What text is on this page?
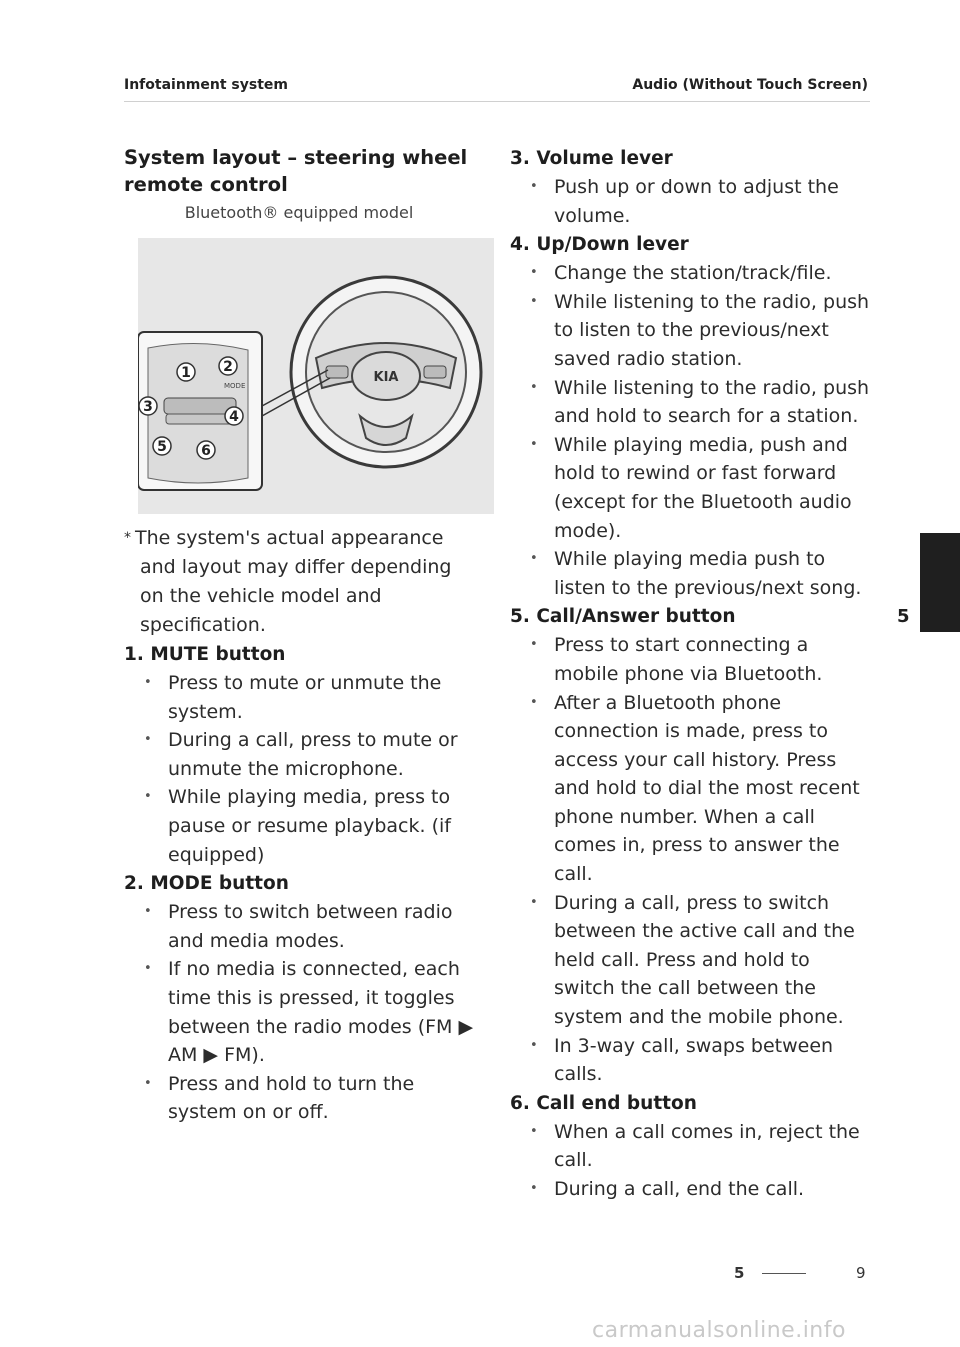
Infotainment system	Audio (Without Touch Screen)
System layout – steering wheel
remote control
Bluetooth® equipped model
KIA
MODE
1 2
3
4
5 6
* The system's actual appearance and layout may differ depending on the vehicle model and specification.
1. MUTE button
• Press to mute or unmute the system.
• During a call, press to mute or unmute the microphone.
• While playing media, press to pause or resume playback. (if equipped)
2. MODE button
• Press to switch between radio and media modes.
• If no media is connected, each time this is pressed, it toggles between the radio modes (FM ▶ AM ▶ FM).
• Press and hold to turn the system on or off.
3. Volume lever
• Push up or down to adjust the volume.
4. Up/Down lever
• Change the station/track/file.
• While listening to the radio, push to listen to the previous/next saved radio station.
• While listening to the radio, push and hold to search for a station.
• While playing media, push and hold to rewind or fast forward (except for the Bluetooth audio mode).
• While playing media push to listen to the previous/next song.
5. Call/Answer button
• Press to start connecting a mobile phone via Bluetooth.
• After a Bluetooth phone connection is made, press to access your call history. Press and hold to dial the most recent phone number. When a call comes in, press to answer the call.
• During a call, press to switch between the active call and the held call. Press and hold to switch the call between the system and the mobile phone.
• In 3-way call, swaps between calls.
6. Call end button
• When a call comes in, reject the call.
• During a call, end the call.
5
5	9
carmanualsonline.info
